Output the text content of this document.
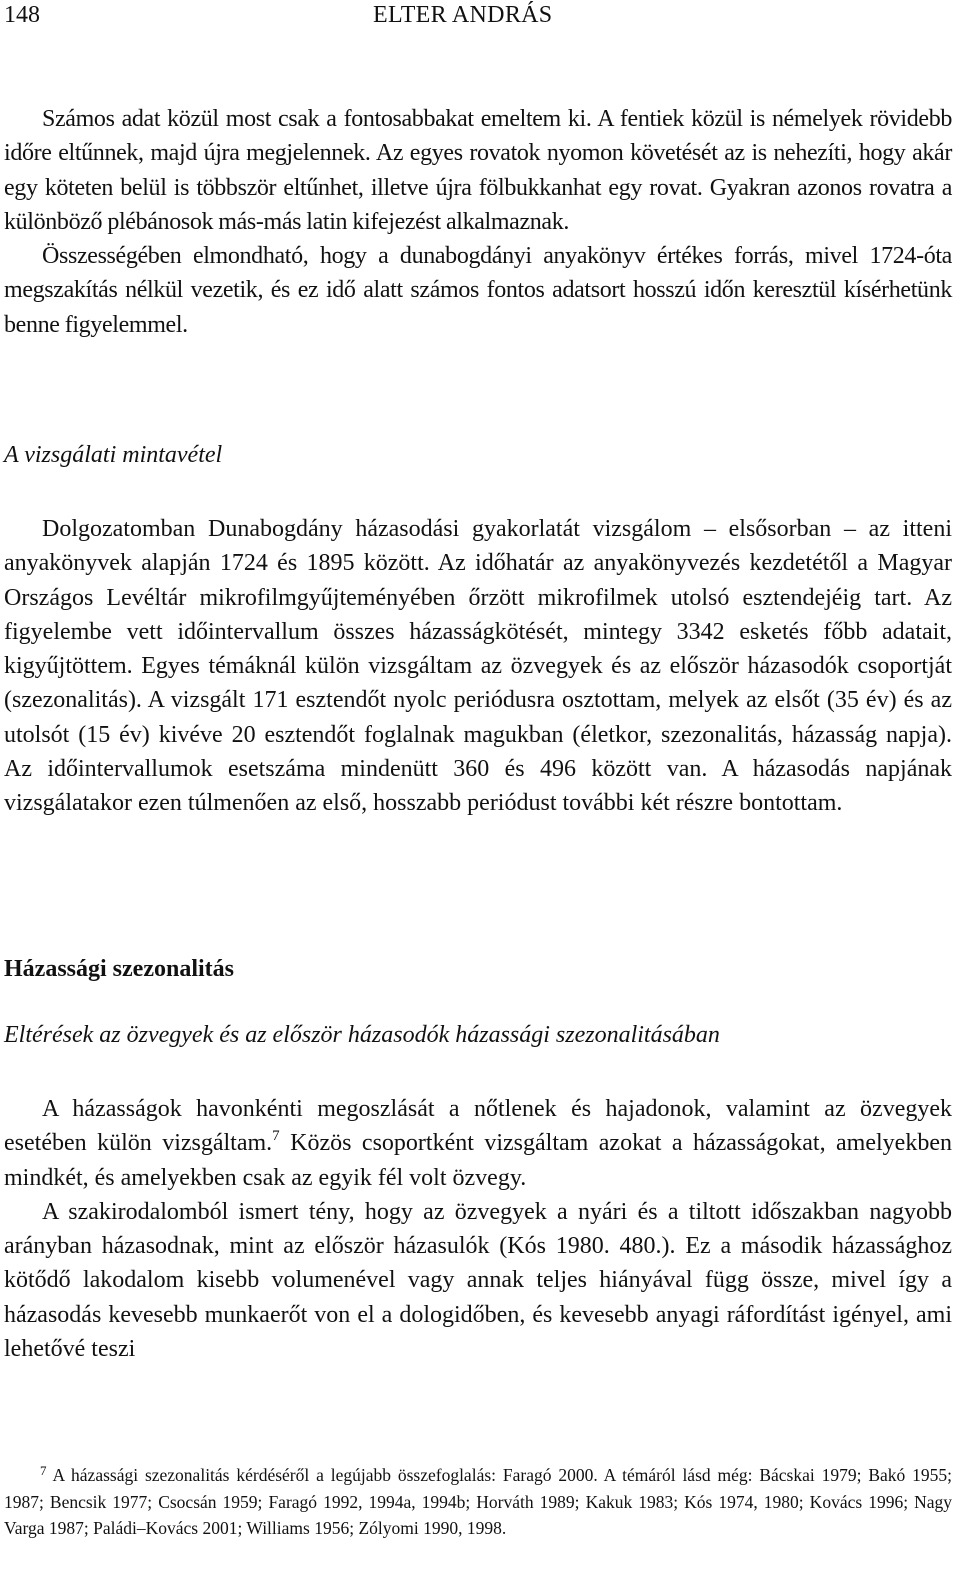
148	ELTER ANDRÁS

Számos adat közül most csak a fontosabbakat emeltem ki. A fentiek közül is némelyek rövidebb időre eltűnnek, majd újra megjelennek. Az egyes rovatok nyomon követését az is nehezíti, hogy akár egy köteten belül is többször eltűnhet, illetve újra fölbukkanhat egy rovat. Gyakran azonos rovatra a különböző plébánosok más-más latin kifejezést alkalmaznak.

Összességében elmondható, hogy a dunabogdányi anyakönyv értékes forrás, mivel 1724-óta megszakítás nélkül vezetik, és ez idő alatt számos fontos adatsort hosszú időn keresztül kísérhetünk benne figyelemmel.

A vizsgálati mintavétel

Dolgozatomban Dunabogdány házasodási gyakorlatát vizsgálom – elsősorban – az itteni anyakönyvek alapján 1724 és 1895 között. Az időhatár az anyakönyvezés kezdetétől a Magyar Országos Levéltár mikrofilmgyűjteményében őrzött mikrofilmek utolsó esztendejéig tart. Az figyelembe vett időintervallum összes házasságkötését, mintegy 3342 esketés főbb adatait, kigyűjtöttem. Egyes témáknál külön vizsgáltam az özvegyek és az először házasodók csoportját (szezonalitás). A vizsgált 171 esztendőt nyolc periódusra osztottam, melyek az elsőt (35 év) és az utolsót (15 év) kivéve 20 esztendőt foglalnak magukban (életkor, szezonalitás, házasság napja). Az időintervallumok esetszáma mindenütt 360 és 496 között van. A házasodás napjának vizsgálatakor ezen túlmenően az első, hosszabb periódust további két részre bontottam.

Házassági szezonalitás
Eltérések az özvegyek és az először házasodók házassági szezonalitásában

A házasságok havonkénti megoszlását a nőtlenek és hajadonok, valamint az özvegyek esetében külön vizsgáltam.$^7$ Közös csoportként vizsgáltam azokat a házasságokat, amelyekben mindkét, és amelyekben csak az egyik fél volt özvegy.

A szakirodalomból ismert tény, hogy az özvegyek a nyári és a tiltott időszakban nagyobb arányban házasodnak, mint az először házasulók (Kós 1980. 480.). Ez a második házassághoz kötődő lakodalom kisebb volumenével vagy annak teljes hiányával függ össze, mivel így a házasodás kevesebb munkaerőt von el a dologidőben, és kevesebb anyagi ráfordítást igényel, ami lehetővé teszi

$^7$ A házassági szezonalitás kérdéséről a legújabb összefoglalás: Faragó 2000. A témáról lásd még: Bácskai 1979; Bakó 1955; 1987; Bencsik 1977; Csocsán 1959; Faragó 1992, 1994a, 1994b; Horváth 1989; Kakuk 1983; Kós 1974, 1980; Kovács 1996; Nagy Varga 1987; Paládi–Kovács 2001; Williams 1956; Zólyomi 1990, 1998.
